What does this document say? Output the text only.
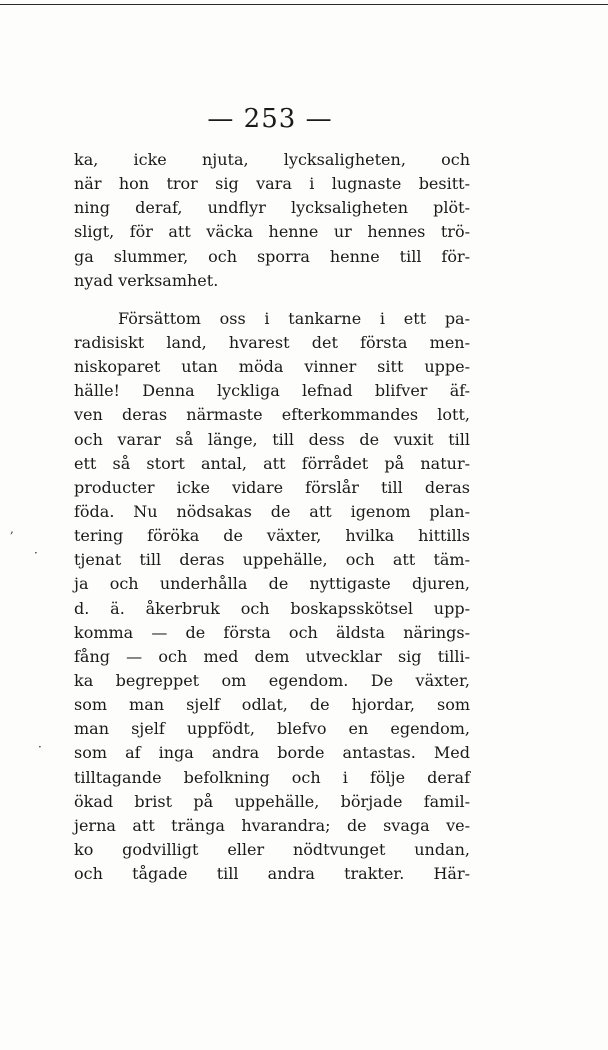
— 253 —
ka, icke njuta, lycksaligheten, och
när hon tror sig vara i lugnaste besitt-
ning deraf, undflyr lycksaligheten plöt-
sligt, för att väcka henne ur hennes trö-
ga slummer, och sporra henne till för-
nyad verksamhet.
Försättom oss i tankarne i ett pa-
radisiskt land, hvarest det första men-
niskoparet utan möda vinner sitt uppe-
hälle! Denna lyckliga lefnad blifver äf-
ven deras närmaste efterkommandes lott,
och varar så länge, till dess de vuxit till
ett så stort antal, att förrådet på natur-
producter icke vidare förslår till deras
föda. Nu nödsakas de att igenom plan-
tering föröka de växter, hvilka hittills
tjenat till deras uppehälle, och att täm-
ja och underhålla de nyttigaste djuren,
d. ä. åkerbruk och boskapsskötsel upp-
komma — de första och äldsta närings-
fång — och med dem utvecklar sig tilli-
ka begreppet om egendom. De växter,
som man sjelf odlat, de hjordar, som
man sjelf uppfödt, blefvo en egendom,
som af inga andra borde antastas. Med
tilltagande befolkning och i följe deraf
ökad brist på uppehälle, började famil-
jerna att tränga hvarandra; de svaga ve-
ko godvilligt eller nödtvunget undan,
och tågade till andra trakter. Här-
,
·
·
